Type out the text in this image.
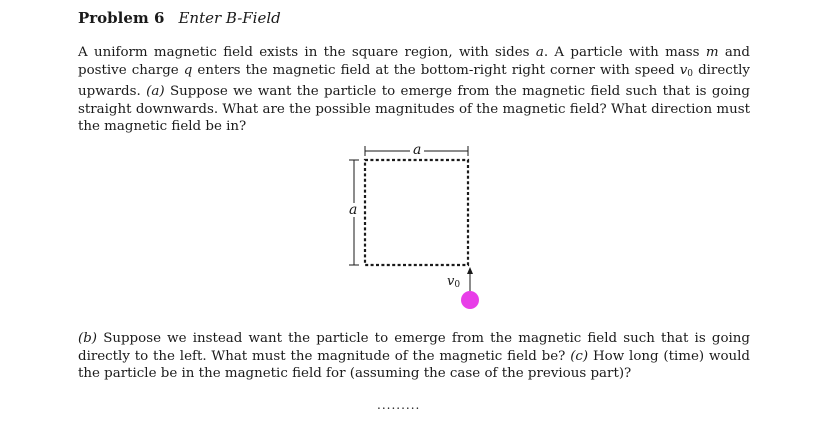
Problem 6 Enter B-Field
A uniform magnetic field exists in the square region, with sides a. A particle with mass m and postive charge q enters the magnetic field at the bottom-right right corner with speed $v_0$ directly upwards. (a) Suppose we want the particle to emerge from the magnetic field such that is going straight downwards. What are the possible magnitudes of the magnetic field? What direction must the magnetic field be in?
a
a
$v_0$
(b) Suppose we instead want the particle to emerge from the magnetic field such that is going directly to the left. What must the magnitude of the magnetic field be? (c) How long (time) would the particle be in the magnetic field for (assuming the case of the previous part)?
.........
